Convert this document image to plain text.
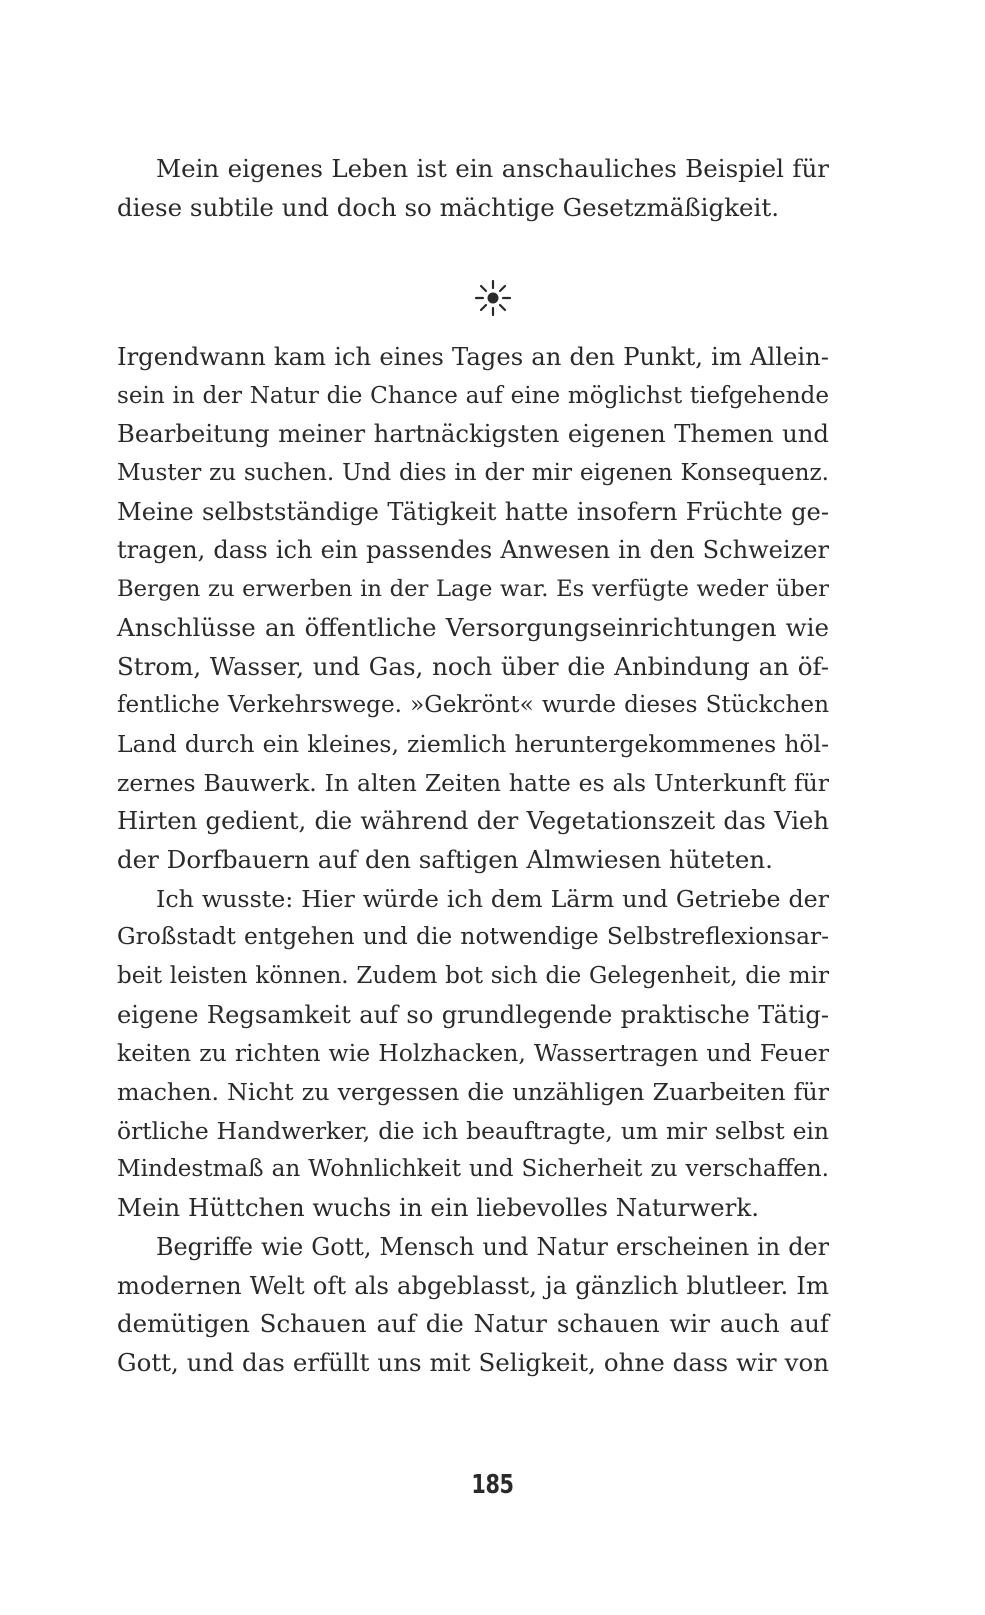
Mein eigenes Leben ist ein anschauliches Beispiel für
diese subtile und doch so mächtige Gesetzmäßigkeit.
Irgendwann kam ich eines Tages an den Punkt, im Allein-
sein in der Natur die Chance auf eine möglichst tiefgehende
Bearbeitung meiner hartnäckigsten eigenen Themen und
Muster zu suchen. Und dies in der mir eigenen Konsequenz.
Meine selbstständige Tätigkeit hatte insofern Früchte ge-
tragen, dass ich ein passendes Anwesen in den Schweizer
Bergen zu erwerben in der Lage war. Es verfügte weder über
Anschlüsse an öffentliche Versorgungseinrichtungen wie
Strom, Wasser, und Gas, noch über die Anbindung an öf-
fentliche Verkehrswege. »Gekrönt« wurde dieses Stückchen
Land durch ein kleines, ziemlich heruntergekommenes höl-
zernes Bauwerk. In alten Zeiten hatte es als Unterkunft für
Hirten gedient, die während der Vegetationszeit das Vieh
der Dorfbauern auf den saftigen Almwiesen hüteten.
Ich wusste: Hier würde ich dem Lärm und Getriebe der
Großstadt entgehen und die notwendige Selbstreflexionsar-
beit leisten können. Zudem bot sich die Gelegenheit, die mir
eigene Regsamkeit auf so grundlegende praktische Tätig-
keiten zu richten wie Holzhacken, Wassertragen und Feuer
machen. Nicht zu vergessen die unzähligen Zuarbeiten für
örtliche Handwerker, die ich beauftragte, um mir selbst ein
Mindestmaß an Wohnlichkeit und Sicherheit zu verschaffen.
Mein Hüttchen wuchs in ein liebevolles Naturwerk.
Begriffe wie Gott, Mensch und Natur erscheinen in der
modernen Welt oft als abgeblasst, ja gänzlich blutleer. Im
demütigen Schauen auf die Natur schauen wir auch auf
Gott, und das erfüllt uns mit Seligkeit, ohne dass wir von
185
